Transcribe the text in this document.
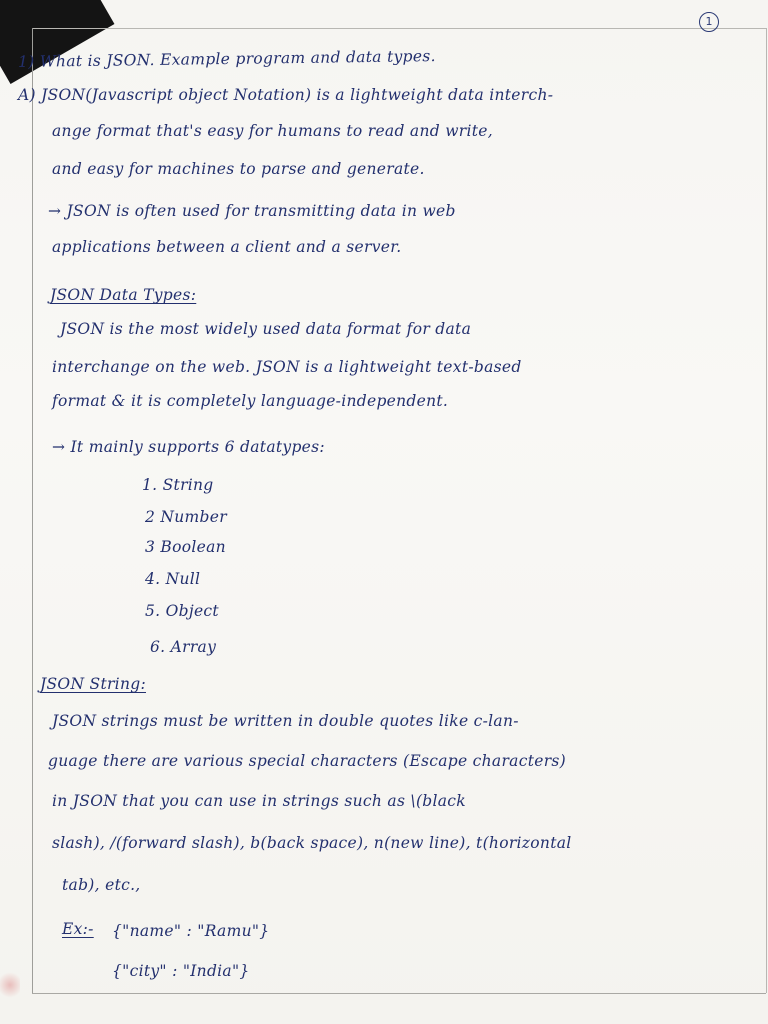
1
1) What is JSON. Example program and data types.
A) JSON(Javascript object Notation) is a lightweight data interch-
ange format that's easy for humans to read and write,
and easy for machines to parse and generate.
→ JSON is often used for transmitting data in web
applications between a client and a server.
JSON Data Types:
JSON is the most widely used data format for data
interchange on the web. JSON is a lightweight text-based
format & it is completely language-independent.
→ It mainly supports 6 datatypes:
1. String
2 Number
3 Boolean
4. Null
5. Object
6. Array
JSON String:
JSON strings must be written in double quotes like c-lan-
guage there are various special characters (Escape characters)
in JSON that you can use in strings such as \(black
slash), /(forward slash), b(back space), n(new line), t(horizontal
tab), etc.,
Ex:- {"name" : "Ramu"}
{"city" : "India"}
